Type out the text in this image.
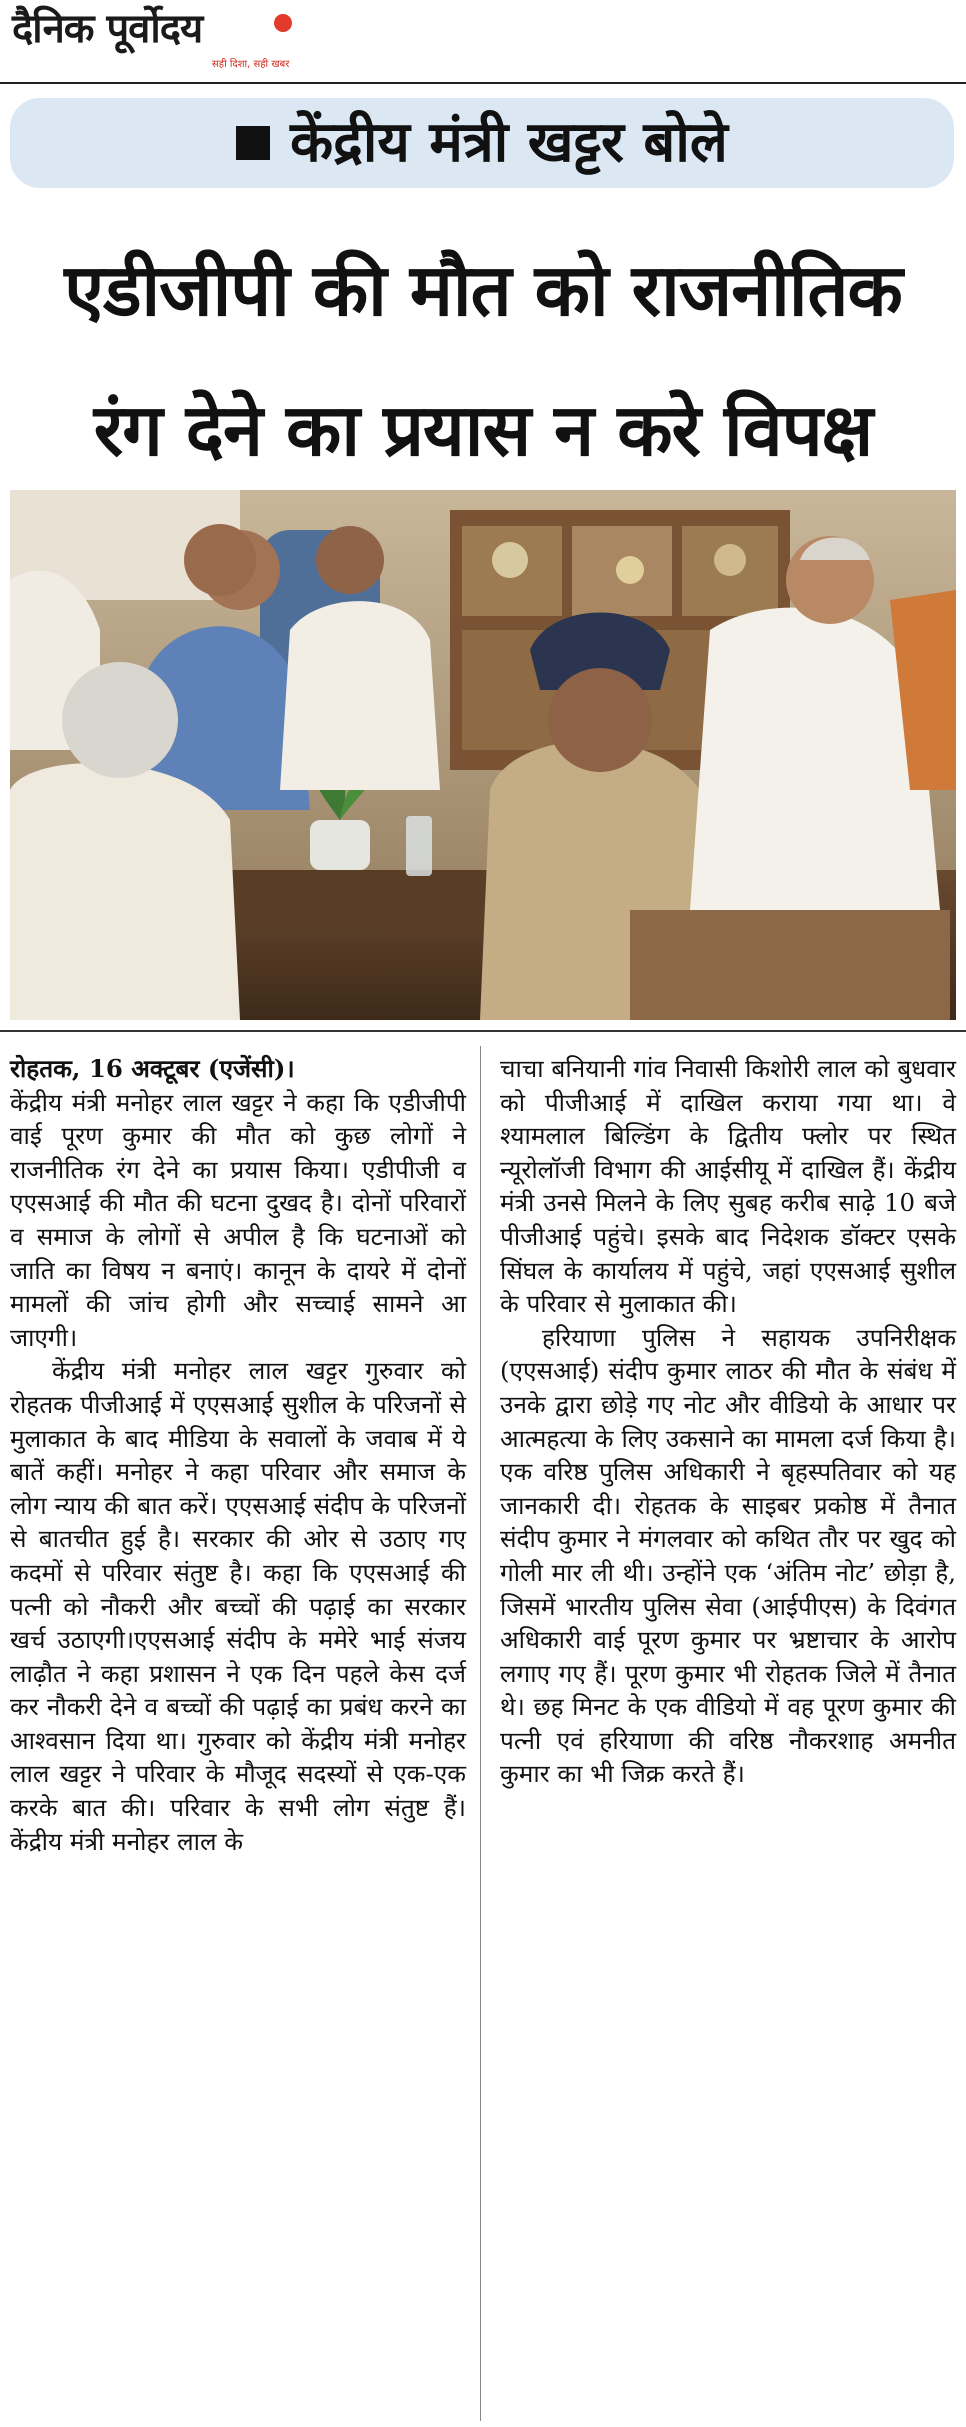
दैनिक पूर्वोदय
सही दिशा, सही खबर
केंद्रीय मंत्री खट्टर बोले
एडीजीपी की मौत को राजनीतिक
रंग देने का प्रयास न करे विपक्ष

रोहतक, 16 अक्टूबर (एजेंसी)।
केंद्रीय मंत्री मनोहर लाल खट्टर ने कहा कि एडीजीपी वाई पूरण कुमार की मौत को कुछ लोगों ने राजनीतिक रंग देने का प्रयास किया। एडीपीजी व एएसआई की मौत की घटना दुखद है। दोनों परिवारों व समाज के लोगों से अपील है कि घटनाओं को जाति का विषय न बनाएं। कानून के दायरे में दोनों मामलों की जांच होगी और सच्चाई सामने आ जाएगी।

केंद्रीय मंत्री मनोहर लाल खट्टर गुरुवार को रोहतक पीजीआई में एएसआई सुशील के परिजनों से मुलाकात के बाद मीडिया के सवालों के जवाब में ये बातें कहीं। मनोहर ने कहा परिवार और समाज के लोग न्याय की बात करें। एएसआई संदीप के परिजनों से बातचीत हुई है। सरकार की ओर से उठाए गए कदमों से परिवार संतुष्ट है। कहा कि एएसआई की पत्नी को नौकरी और बच्चों की पढ़ाई का सरकार खर्च उठाएगी।एएसआई संदीप के ममेरे भाई संजय लाढ़ौत ने कहा प्रशासन ने एक दिन पहले केस दर्ज कर नौकरी देने व बच्चों की पढ़ाई का प्रबंध करने का आश्वसान दिया था। गुरुवार को केंद्रीय मंत्री मनोहर लाल खट्टर ने परिवार के मौजूद सदस्यों से एक-एक करके बात की। परिवार के सभी लोग संतुष्ट हैं। केंद्रीय मंत्री मनोहर लाल के

चाचा बनियानी गांव निवासी किशोरी लाल को बुधवार को पीजीआई में दाखिल कराया गया था। वे श्यामलाल बिल्डिंग के द्वितीय फ्लोर पर स्थित न्यूरोलॉजी विभाग की आईसीयू में दाखिल हैं। केंद्रीय मंत्री उनसे मिलने के लिए सुबह करीब साढ़े 10 बजे पीजीआई पहुंचे। इसके बाद निदेशक डॉक्टर एसके सिंघल के कार्यालय में पहुंचे, जहां एएसआई सुशील के परिवार से मुलाकात की।

हरियाणा पुलिस ने सहायक उपनिरीक्षक (एएसआई) संदीप कुमार लाठर की मौत के संबंध में उनके द्वारा छोड़े गए नोट और वीडियो के आधार पर आत्महत्या के लिए उकसाने का मामला दर्ज किया है। एक वरिष्ठ पुलिस अधिकारी ने बृहस्पतिवार को यह जानकारी दी। रोहतक के साइबर प्रकोष्ठ में तैनात संदीप कुमार ने मंगलवार को कथित तौर पर खुद को गोली मार ली थी। उन्होंने एक ‘अंतिम नोट’ छोड़ा है, जिसमें भारतीय पुलिस सेवा (आईपीएस) के दिवंगत अधिकारी वाई पूरण कुमार पर भ्रष्टाचार के आरोप लगाए गए हैं। पूरण कुमार भी रोहतक जिले में तैनात थे। छह मिनट के एक वीडियो में वह पूरण कुमार की पत्नी एवं हरियाणा की वरिष्ठ नौकरशाह अमनीत कुमार का भी जिक्र करते हैं।
